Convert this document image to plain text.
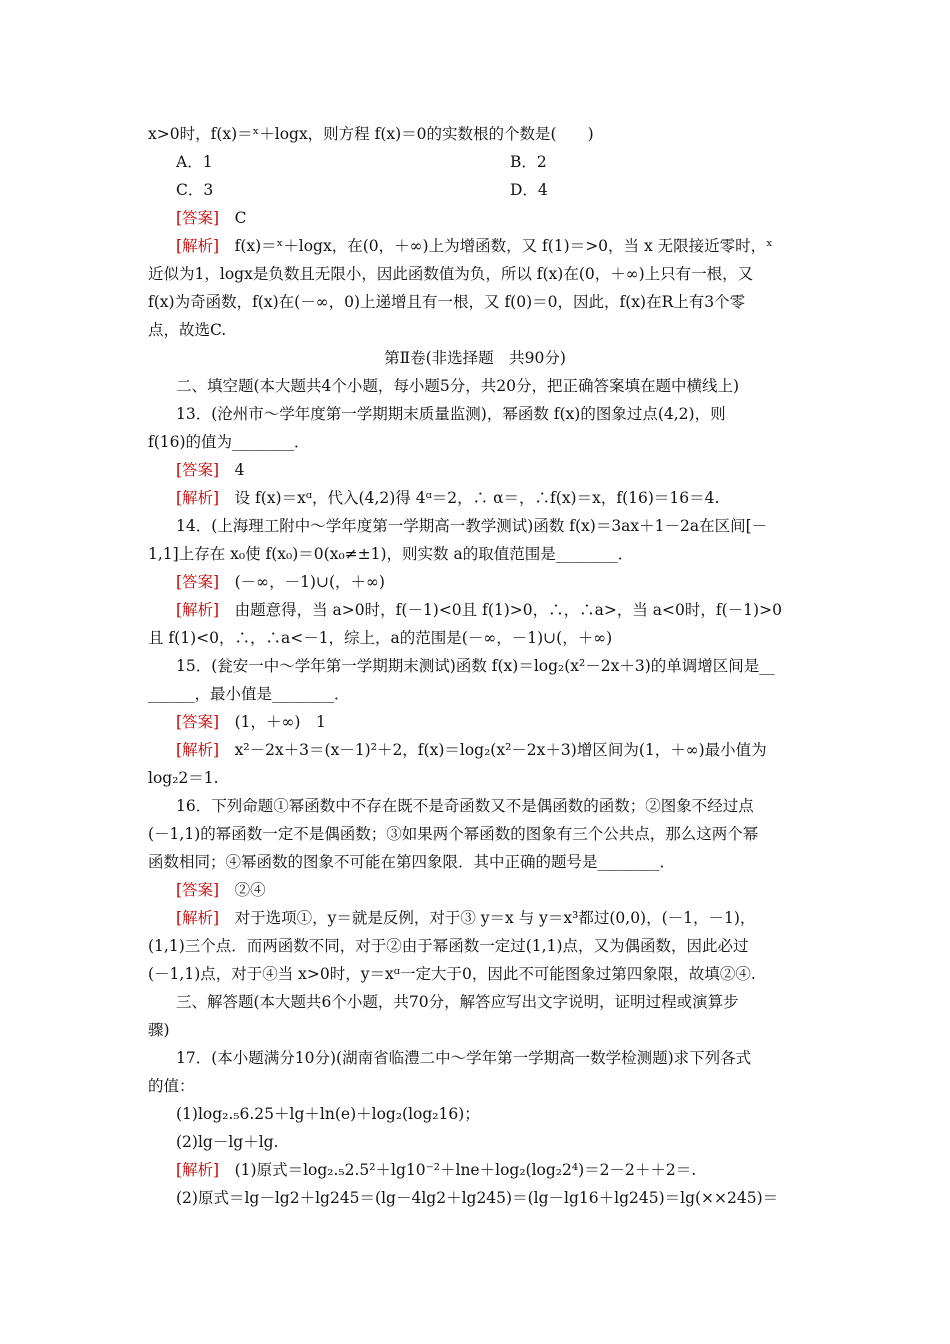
x>0时，f(x)＝ˣ＋logx，则方程 f(x)＝0的实数根的个数是(　　)
A．1	B．2
C．3	D．4
[答案]　C
[解析]　f(x)＝ˣ＋logx，在(0，＋∞)上为增函数，又 f(1)＝>0，当 x 无限接近零时，ˣ
近似为1，logx是负数且无限小，因此函数值为负，所以 f(x)在(0，＋∞)上只有一根，又
f(x)为奇函数，f(x)在(－∞，0)上递增且有一根，又 f(0)＝0，因此，f(x)在R上有3个零
点，故选C.
第Ⅱ卷(非选择题　共90分)
二、填空题(本大题共4个小题，每小题5分，共20分，把正确答案填在题中横线上)
13．(沧州市～学年度第一学期期末质量监测)，幂函数 f(x)的图象过点(4,2)，则
f(16)的值为________．
[答案]　4
[解析]　设 f(x)＝xᵅ，代入(4,2)得 4ᵅ＝2，∴ α＝，∴f(x)＝x，f(16)＝16＝4.
14．(上海理工附中～学年度第一学期高一教学测试)函数 f(x)＝3ax＋1－2a在区间[－
1,1]上存在 x₀使 f(x₀)＝0(x₀≠±1)，则实数 a的取值范围是________．
[答案]　(－∞，－1)∪(，＋∞)
[解析]　由题意得，当 a>0时，f(－1)<0且 f(1)>0，∴，∴a>，当 a<0时，f(－1)>0
且 f(1)<0，∴，∴a<－1，综上，a的范围是(－∞，－1)∪(，＋∞)
15．(瓮安一中～学年第一学期期末测试)函数 f(x)＝log₂(x²－2x＋3)的单调增区间是__
______，最小值是________．
[答案]　(1，＋∞)　1
[解析]　x²－2x＋3＝(x－1)²＋2，f(x)＝log₂(x²－2x＋3)增区间为(1，＋∞)最小值为
log₂2＝1.
16．下列命题①幂函数中不存在既不是奇函数又不是偶函数的函数；②图象不经过点
(－1,1)的幂函数一定不是偶函数；③如果两个幂函数的图象有三个公共点，那么这两个幂
函数相同；④幂函数的图象不可能在第四象限．其中正确的题号是________．
[答案]　②④
[解析]　对于选项①，y＝就是反例，对于③ y＝x 与 y＝x³都过(0,0)，(－1，－1)，
(1,1)三个点．而两函数不同，对于②由于幂函数一定过(1,1)点，又为偶函数，因此必过
(－1,1)点，对于④当 x>0时，y＝xᵅ一定大于0，因此不可能图象过第四象限，故填②④.
三、解答题(本大题共6个小题，共70分，解答应写出文字说明，证明过程或演算步
骤)
17．(本小题满分10分)(湖南省临澧二中～学年第一学期高一数学检测题)求下列各式
的值：
(1)log₂.₅6.25＋lg＋ln(e)＋log₂(log₂16)；
(2)lg－lg＋lg.
[解析]　(1)原式＝log₂.₅2.5²＋lg10⁻²＋lne＋log₂(log₂2⁴)＝2－2＋＋2＝.
(2)原式＝lg－lg2＋lg245＝(lg－4lg2＋lg245)＝(lg－lg16＋lg245)＝lg(××245)＝
